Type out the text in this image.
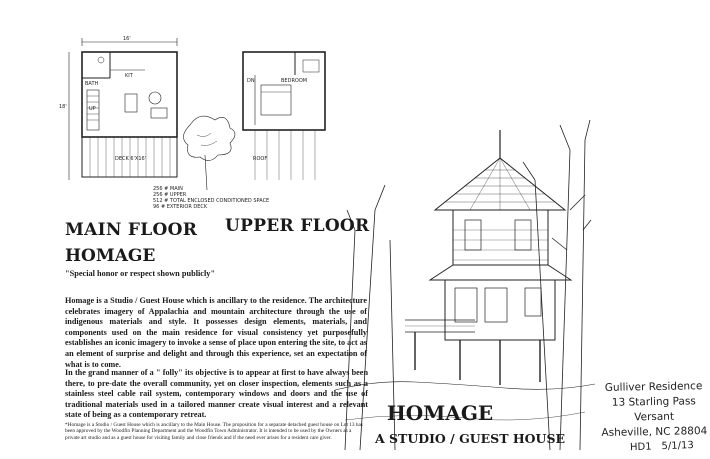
16'
18'
BATH
KIT
UP
DECK 6'X16'
BEDROOM
DN
ROOF
256 # MAIN
256 # UPPER
512 # TOTAL ENCLOSED CONDITIONED SPACE
96 # EXTERIOR DECK
MAIN FLOOR UPPER FLOOR
HOMAGE
"Special honor or respect shown publicly"
Homage is a Studio / Guest House which is ancillary to the residence. The architecture celebrates imagery of Appalachia and mountain architecture through the use of indigenous materials and style. It possesses design elements, materials, and components used on the main residence for visual consistency yet purposefully establishes an iconic imagery to invoke a sense of place upon entering the site, to act as an element of surprise and delight and through this experience, set an expectation of what is to come.
In the grand manner of a " folly" its objective is to appear at first to have always been there, to pre-date the overall community, yet on closer inspection, elements such as a stainless steel cable rail system, contemporary windows and doors and the use of traditional materials used in a tailored manner create visual interest and a relevant state of being as a contemporary retreat.
*Homage is a Studio / Guest House which is ancillary to the Main House. The proposition for a separate detached guest house on Lot 13 has been approved by the Woodfin Planning Department and the Woodfin Town Administrator. It is intended to be used by the Owners as a private art studio and as a guest house for visiting family and close friends and if the need ever arises for a resident care giver.
HOMAGE
A STUDIO / GUEST HOUSE
Gulliver Residence
13 Starling Pass
Versant
Asheville, NC 28804
HD1 5/1/13
